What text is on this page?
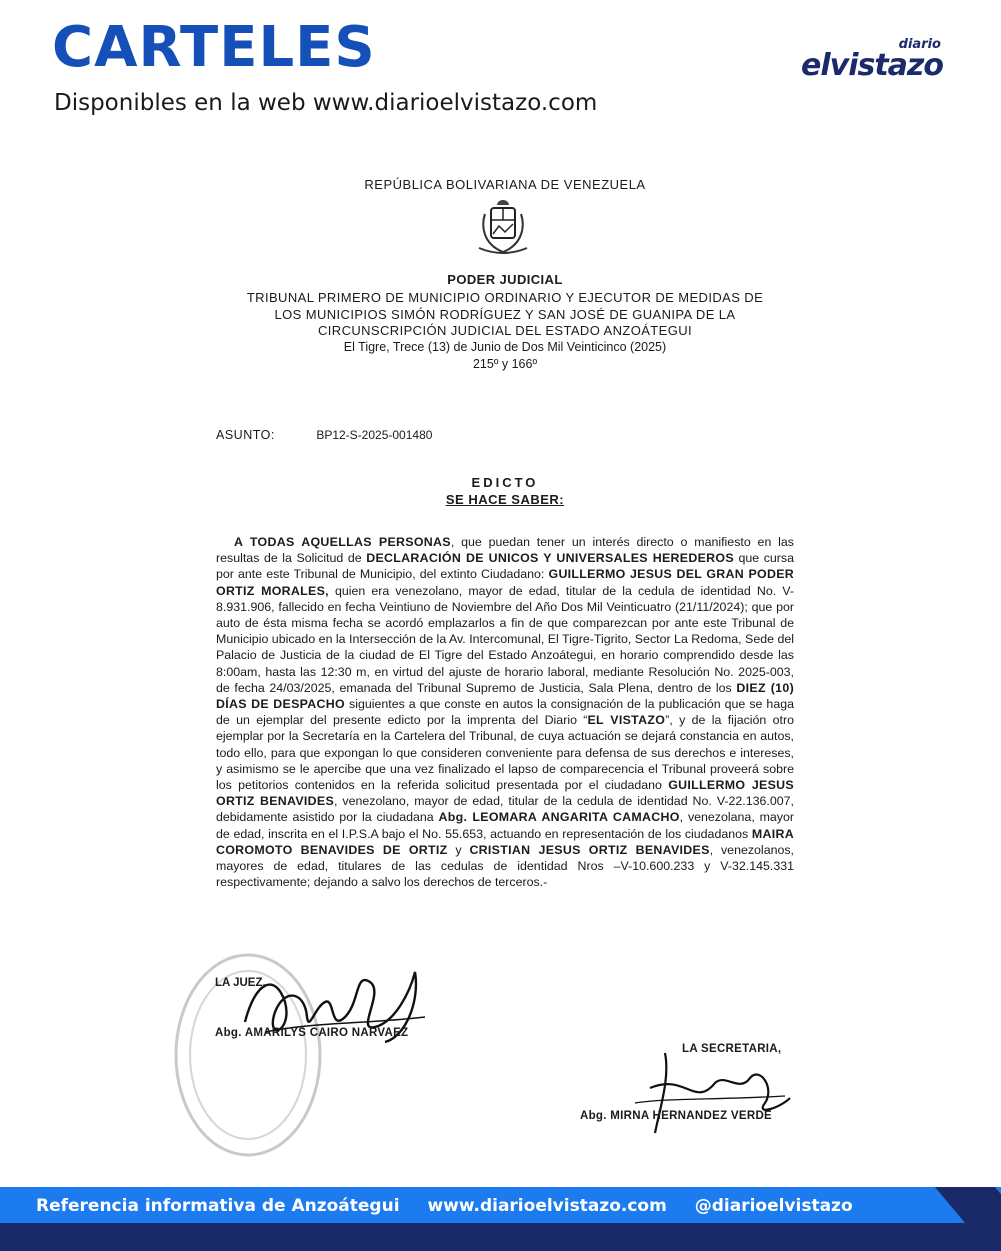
CARTELES

Disponibles en la web www.diarioelvistazo.com

diario
elvistazo

REPÚBLICA BOLIVARIANA DE VENEZUELA

PODER JUDICIAL

TRIBUNAL PRIMERO DE MUNICIPIO ORDINARIO Y EJECUTOR DE MEDIDAS DE
LOS MUNICIPIOS SIMÓN RODRÍGUEZ Y SAN JOSÉ DE GUANIPA DE LA
CIRCUNSCRIPCIÓN JUDICIAL DEL ESTADO ANZOÁTEGUI

El Tigre, Trece (13) de Junio de Dos Mil Veinticinco (2025)

215º y 166º

ASUNTO:	BP12-S-2025-001480
EDICTO
SE HACE SABER:

A TODAS AQUELLAS PERSONAS, que puedan tener un interés directo o manifiesto en las resultas de la Solicitud de DECLARACIÓN DE UNICOS Y UNIVERSALES HEREDEROS que cursa por ante este Tribunal de Municipio, del extinto Ciudadano: GUILLERMO JESUS DEL GRAN PODER ORTIZ MORALES, quien era venezolano, mayor de edad, titular de la cedula de identidad No. V-8.931.906, fallecido en fecha Veintiuno de Noviembre del Año Dos Mil Veinticuatro (21/11/2024); que por auto de ésta misma fecha se acordó emplazarlos a fin de que comparezcan por ante este Tribunal de Municipio ubicado en la Intersección de la Av. Intercomunal, El Tigre-Tigrito, Sector La Redoma, Sede del Palacio de Justicia de la ciudad de El Tigre del Estado Anzoátegui, en horario comprendido desde las 8:00am, hasta las 12:30 m, en virtud del ajuste de horario laboral, mediante Resolución No. 2025-003, de fecha 24/03/2025, emanada del Tribunal Supremo de Justicia, Sala Plena, dentro de los DIEZ (10) DÍAS DE DESPACHO siguientes a que conste en autos la consignación de la publicación que se haga de un ejemplar del presente edicto por la imprenta del Diario “EL VISTAZO”, y de la fijación otro ejemplar por la Secretaría en la Cartelera del Tribunal, de cuya actuación se dejará constancia en autos, todo ello, para que expongan lo que consideren conveniente para defensa de sus derechos e intereses, y asimismo se le apercibe que una vez finalizado el lapso de comparecencia el Tribunal proveerá sobre los petitorios contenidos en la referida solicitud presentada por el ciudadano GUILLERMO JESUS ORTIZ BENAVIDES, venezolano, mayor de edad, titular de la cedula de identidad No. V-22.136.007, debidamente asistido por la ciudadana Abg. LEOMARA ANGARITA CAMACHO, venezolana, mayor de edad, inscrita en el I.P.S.A bajo el No. 55.653, actuando en representación de los ciudadanos MAIRA COROMOTO BENAVIDES DE ORTIZ y CRISTIAN JESUS ORTIZ BENAVIDES, venezolanos, mayores de edad, titulares de las cedulas de identidad Nros –V-10.600.233 y V-32.145.331 respectivamente; dejando a salvo los derechos de terceros.-

LA JUEZ,
Abg. AMARILYS CAIRO NARVAEZ
LA SECRETARIA,
Abg. MIRNA HERNANDEZ VERDE

Referencia informativa de Anzoátegui www.diarioelvistazo.com @diarioelvistazo
